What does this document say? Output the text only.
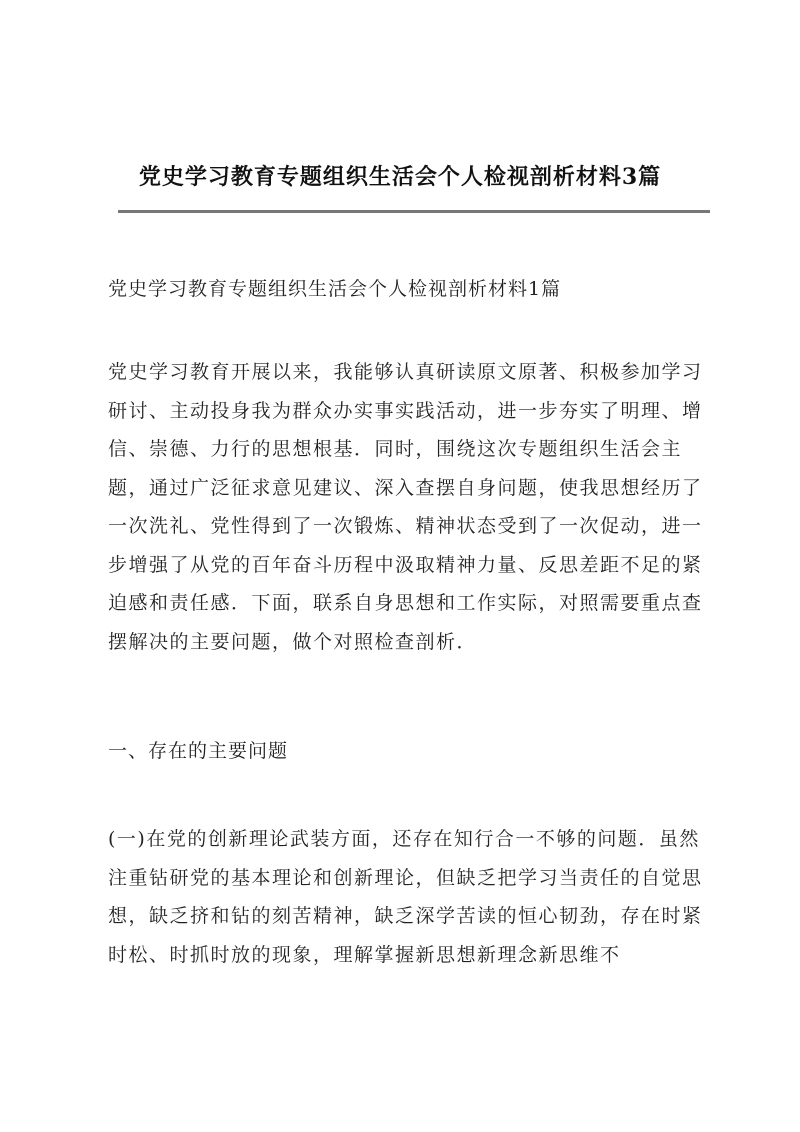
党史学习教育专题组织生活会个人检视剖析材料3篇

党史学习教育专题组织生活会个人检视剖析材料1篇

党史学习教育开展以来，我能够认真研读原文原著、积极参加学习研讨、主动投身我为群众办实事实践活动，进一步夯实了明理、增信、崇德、力行的思想根基．同时，围绕这次专题组织生活会主题，通过广泛征求意见建议、深入查摆自身问题，使我思想经历了一次洗礼、党性得到了一次锻炼、精神状态受到了一次促动，进一步增强了从党的百年奋斗历程中汲取精神力量、反思差距不足的紧迫感和责任感．下面，联系自身思想和工作实际，对照需要重点查摆解决的主要问题，做个对照检查剖析．

一、存在的主要问题

(一)在党的创新理论武装方面，还存在知行合一不够的问题．虽然注重钻研党的基本理论和创新理论，但缺乏把学习当责任的自觉思想，缺乏挤和钻的刻苦精神，缺乏深学苦读的恒心韧劲，存在时紧时松、时抓时放的现象，理解掌握新思想新理念新思维不
